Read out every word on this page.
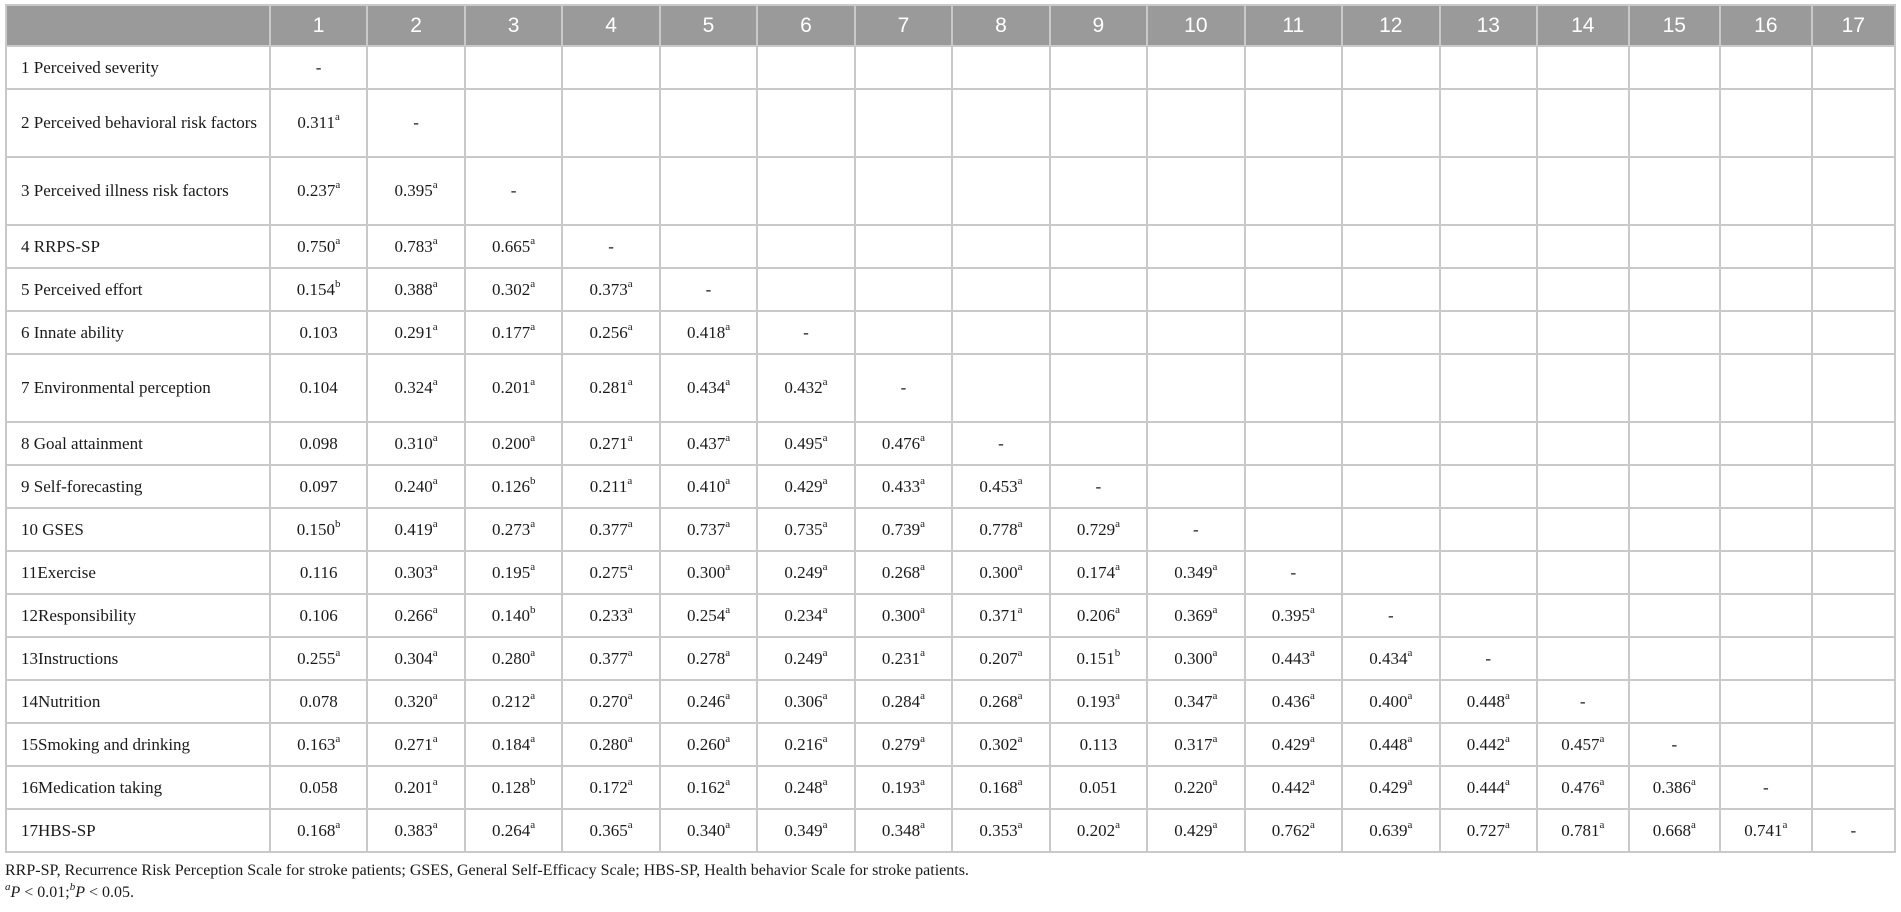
	1	2	3	4	5	6	7	8	9	10	11	12	13	14	15	16	17
1 Perceived severity	-																
2 Perceived behavioral risk factors	0.311$^a$	-															
3 Perceived illness risk factors	0.237$^a$	0.395$^a$	-														
4 RRPS-SP	0.750$^a$	0.783$^a$	0.665$^a$	-													
5 Perceived effort	0.154$^b$	0.388$^a$	0.302$^a$	0.373$^a$	-												
6 Innate ability	0.103	0.291$^a$	0.177$^a$	0.256$^a$	0.418$^a$	-											
7 Environmental perception	0.104	0.324$^a$	0.201$^a$	0.281$^a$	0.434$^a$	0.432$^a$	-										
8 Goal attainment	0.098	0.310$^a$	0.200$^a$	0.271$^a$	0.437$^a$	0.495$^a$	0.476$^a$	-									
9 Self-forecasting	0.097	0.240$^a$	0.126$^b$	0.211$^a$	0.410$^a$	0.429$^a$	0.433$^a$	0.453$^a$	-								
10 GSES	0.150$^b$	0.419$^a$	0.273$^a$	0.377$^a$	0.737$^a$	0.735$^a$	0.739$^a$	0.778$^a$	0.729$^a$	-							
11Exercise	0.116	0.303$^a$	0.195$^a$	0.275$^a$	0.300$^a$	0.249$^a$	0.268$^a$	0.300$^a$	0.174$^a$	0.349$^a$	-						
12Responsibility	0.106	0.266$^a$	0.140$^b$	0.233$^a$	0.254$^a$	0.234$^a$	0.300$^a$	0.371$^a$	0.206$^a$	0.369$^a$	0.395$^a$	-					
13Instructions	0.255$^a$	0.304$^a$	0.280$^a$	0.377$^a$	0.278$^a$	0.249$^a$	0.231$^a$	0.207$^a$	0.151$^b$	0.300$^a$	0.443$^a$	0.434$^a$	-				
14Nutrition	0.078	0.320$^a$	0.212$^a$	0.270$^a$	0.246$^a$	0.306$^a$	0.284$^a$	0.268$^a$	0.193$^a$	0.347$^a$	0.436$^a$	0.400$^a$	0.448$^a$	-			
15Smoking and drinking	0.163$^a$	0.271$^a$	0.184$^a$	0.280$^a$	0.260$^a$	0.216$^a$	0.279$^a$	0.302$^a$	0.113	0.317$^a$	0.429$^a$	0.448$^a$	0.442$^a$	0.457$^a$	-		
16Medication taking	0.058	0.201$^a$	0.128$^b$	0.172$^a$	0.162$^a$	0.248$^a$	0.193$^a$	0.168$^a$	0.051	0.220$^a$	0.442$^a$	0.429$^a$	0.444$^a$	0.476$^a$	0.386$^a$	-	
17HBS-SP	0.168$^a$	0.383$^a$	0.264$^a$	0.365$^a$	0.340$^a$	0.349$^a$	0.348$^a$	0.353$^a$	0.202$^a$	0.429$^a$	0.762$^a$	0.639$^a$	0.727$^a$	0.781$^a$	0.668$^a$	0.741$^a$	-
RRP-SP, Recurrence Risk Perception Scale for stroke patients; GSES, General Self-Efficacy Scale; HBS-SP, Health behavior Scale for stroke patients.
$^a$P < 0.01;$^b$P < 0.05.
